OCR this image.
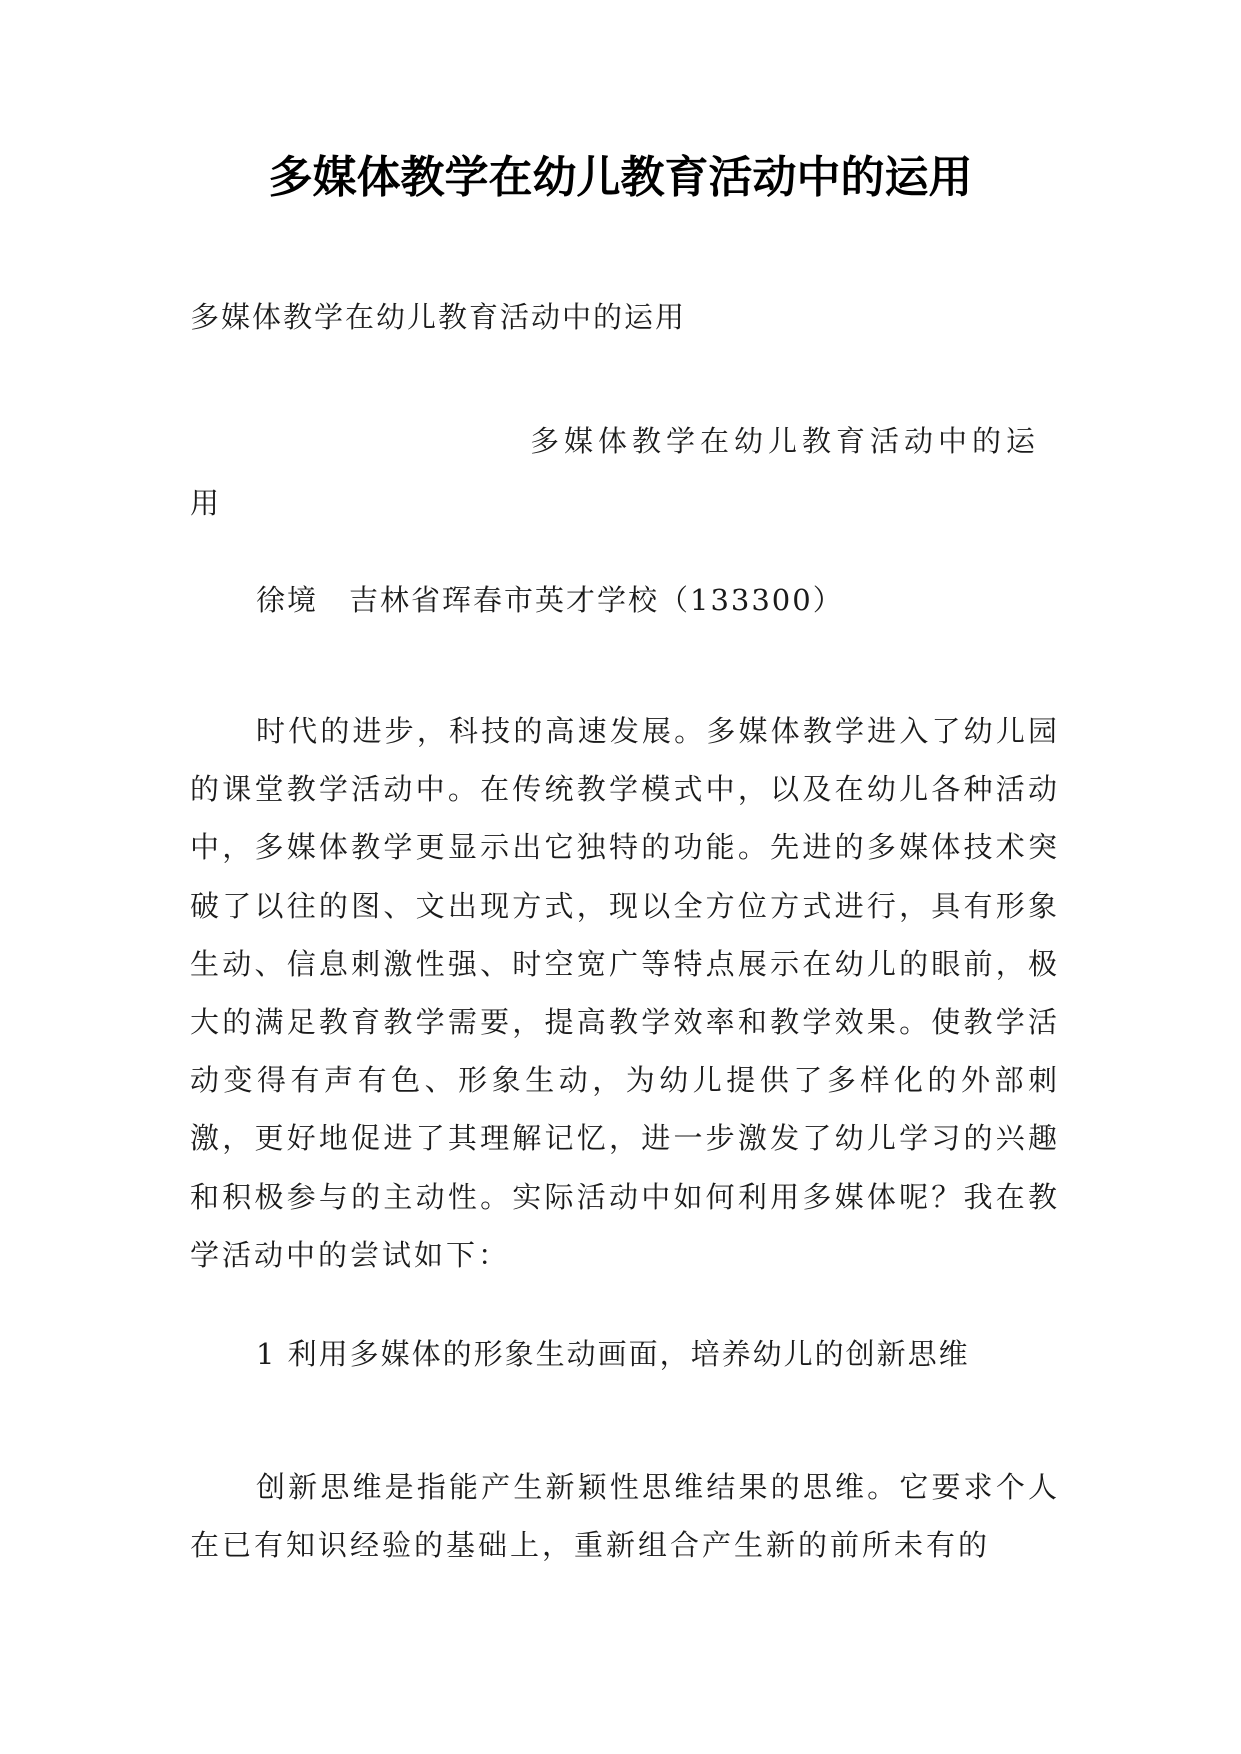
多媒体教学在幼儿教育活动中的运用

多媒体教学在幼儿教育活动中的运用

多媒体教学在幼儿教育活动中的运用

徐境　吉林省珲春市英才学校（133300）

时代的进步，科技的高速发展。多媒体教学进入了幼儿园的课堂教学活动中。在传统教学模式中，以及在幼儿各种活动中，多媒体教学更显示出它独特的功能。先进的多媒体技术突破了以往的图、文出现方式，现以全方位方式进行，具有形象生动、信息刺激性强、时空宽广等特点展示在幼儿的眼前，极大的满足教育教学需要，提高教学效率和教学效果。使教学活动变得有声有色、形象生动，为幼儿提供了多样化的外部刺激，更好地促进了其理解记忆，进一步激发了幼儿学习的兴趣和积极参与的主动性。实际活动中如何利用多媒体呢？我在教学活动中的尝试如下：

1 利用多媒体的形象生动画面，培养幼儿的创新思维

创新思维是指能产生新颖性思维结果的思维。它要求个人在已有知识经验的基础上，重新组合产生新的前所未有的
